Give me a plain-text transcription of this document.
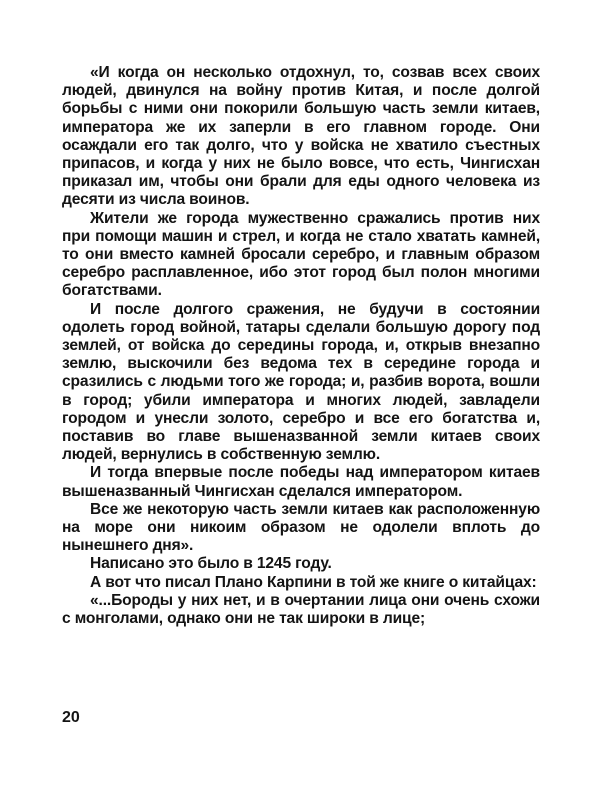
«И когда он несколько отдохнул, то, созвав всех своих людей, двинулся на войну против Китая, и после долгой борьбы с ними они покорили большую часть земли китаев, императора же их заперли в его главном городе. Они осаждали его так долго, что у войска не хватило съестных припасов, и когда у них не было вовсе, что есть, Чингисхан приказал им, чтобы они брали для еды одного человека из десяти из числа воинов.

Жители же города мужественно сражались против них при помощи машин и стрел, и когда не стало хватать камней, то они вместо камней бросали серебро, и главным образом серебро расплавленное, ибо этот город был полон многими богатствами.

И после долгого сражения, не будучи в состоянии одолеть город войной, татары сделали большую дорогу под землей, от войска до середины города, и, открыв внезапно землю, выскочили без ведома тех в середине города и сразились с людьми того же города; и, разбив ворота, вошли в город; убили императора и многих людей, завладели городом и унесли золото, серебро и все его богатства и, поставив во главе вышеназванной земли китаев своих людей, вернулись в собственную землю.

И тогда впервые после победы над императором китаев вышеназванный Чингисхан сделался императором.

Все же некоторую часть земли китаев как расположенную на море они никоим образом не одолели вплоть до нынешнего дня».

Написано это было в 1245 году.

А вот что писал Плано Карпини в той же книге о китайцах:

«...Бороды у них нет, и в очертании лица они очень схожи с монголами, однако они не так широки в лице;

20
